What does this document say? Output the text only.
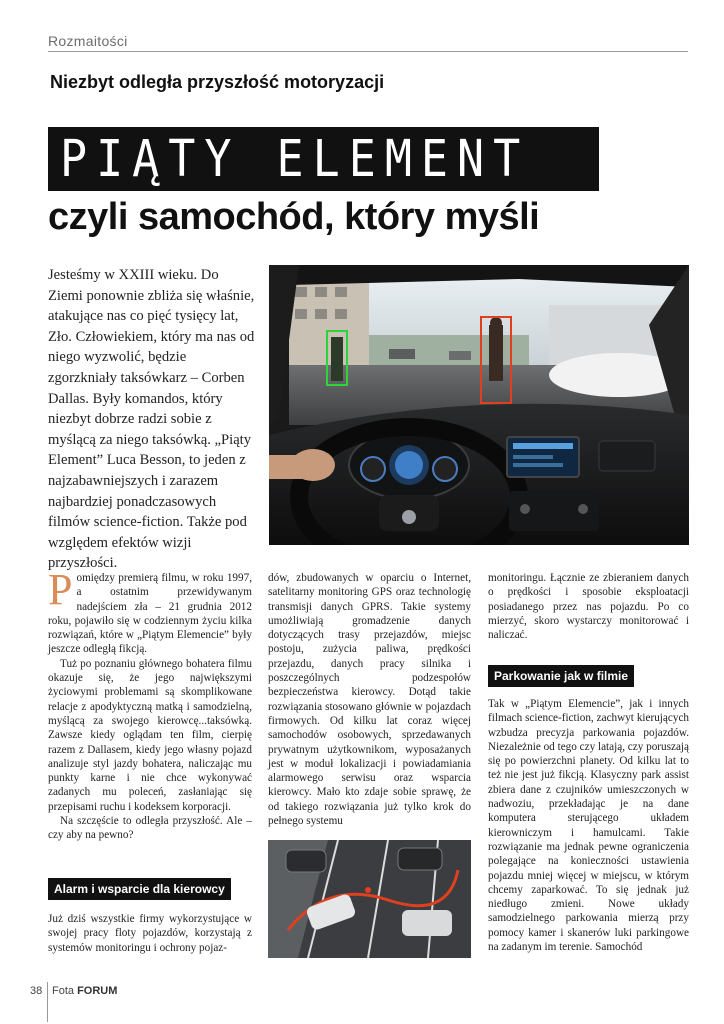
Rozmaitości
Niezbyt odległa przyszłość motoryzacji
PIĄTY ELEMENT
czyli samochód, który myśli
Jesteśmy w XXIII wieku. Do Ziemi ponownie zbliża się właśnie, atakujące nas co pięć tysięcy lat, Zło. Człowiekiem, który ma nas od niego wyzwolić, będzie zgorzkniały taksówkarz – Corben Dallas. Były komandos, który niezbyt dobrze radzi sobie z myślącą za niego taksówką. „Piąty Element” Luca Besson, to jeden z najzabawniejszych i zarazem najbardziej ponadczasowych filmów science-fiction. Także pod względem efektów wizji przyszłości.
P omiędzy premierą filmu, w roku 1997, a ostatnim przewidywanym nadejściem zła – 21 grudnia 2012 roku, pojawiło się w codziennym życiu kilka rozwiązań, które w „Piątym Elemencie” były jeszcze odległą fikcją.

Tuż po poznaniu głównego bohatera filmu okazuje się, że jego największymi życiowymi problemami są skomplikowane relacje z apodyktyczną matką i samodzielną, myślącą za swojego kierowcę...taksówką. Zawsze kiedy oglądam ten film, cierpię razem z Dallasem, kiedy jego własny pojazd analizuje styl jazdy bohatera, naliczając mu punkty karne i nie chce wykonywać zadanych mu poleceń, zasłaniając się przepisami ruchu i kodeksem korporacji.

Na szczęście to odległa przyszłość. Ale – czy aby na pewno?

Alarm i wsparcie dla kierowcy

Już dziś wszystkie firmy wykorzystujące w swojej pracy floty pojazdów, korzystają z systemów monitoringu i ochrony pojaz-

dów, zbudowanych w oparciu o Internet, satelitarny monitoring GPS oraz technologię transmisji danych GPRS. Takie systemy umożliwiają gromadzenie danych dotyczących trasy przejazdów, miejsc postoju, zużycia paliwa, prędkości przejazdu, danych pracy silnika i poszczególnych podzespołów bezpieczeństwa kierowcy. Dotąd takie rozwiązania stosowano głównie w pojazdach firmowych. Od kilku lat coraz więcej samochodów osobowych, sprzedawanych prywatnym użytkownikom, wyposażanych jest w moduł lokalizacji i powiadamiania alarmowego serwisu oraz wsparcia kierowcy. Mało kto zdaje sobie sprawę, że od takiego rozwiązania już tylko krok do pełnego systemu

monitoringu. Łącznie ze zbieraniem danych o prędkości i sposobie eksploatacji posiadanego przez nas pojazdu. Po co mierzyć, skoro wystarczy monitorować i naliczać.

Parkowanie jak w filmie

Tak w „Piątym Elemencie”, jak i innych filmach science-fiction, zachwyt kierujących wzbudza precyzja parkowania pojazdów. Niezależnie od tego czy latają, czy poruszają się po powierzchni planety. Od kilku lat to też nie jest już fikcją. Klasyczny park assist zbiera dane z czujników umieszczonych w nadwoziu, przekładając je na dane komputera sterującego układem kierowniczym i hamulcami. Takie rozwiązanie ma jednak pewne ograniczenia polegające na konieczności ustawienia pojazdu mniej więcej w miejscu, w którym chcemy zaparkować. To się jednak już niedługo zmieni. Nowe układy samodzielnego parkowania mierzą przy pomocy kamer i skanerów luki parkingowe na zadanym im terenie. Samochód

38 Fota FORUM
